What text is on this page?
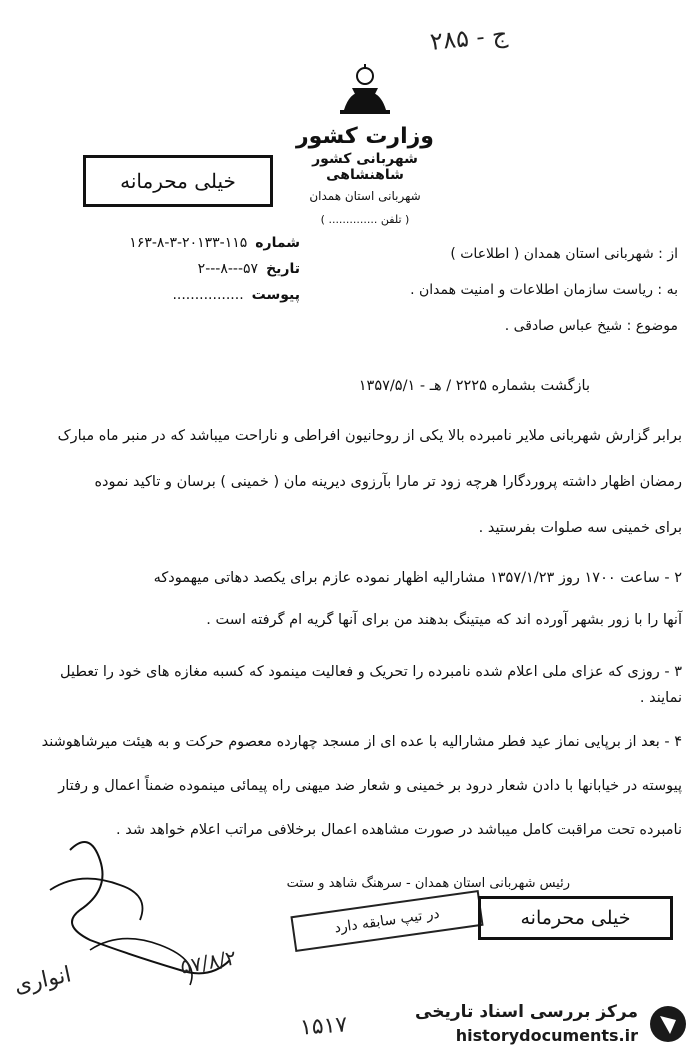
ج - ۲۸۵
وزارت کشور
شهربانی کشور شاهنشاهی
شهربانی استان همدان
( تلفن .............. )
خیلی محرمانه
شماره
۱۶۳-۸-۳-۲۰۱۳۳-۱۱۵
تاریخ
۵۷---۸---۲
پیوست
................
از : شهربانی استان همدان ( اطلاعات )
به : ریاست سازمان اطلاعات و امنیت همدان .
موضوع : شیخ عباس صادقی .
بازگشت بشماره ۲۲۲۵ / هـ - ۱۳۵۷/۵/۱
برابر گزارش شهربانی ملایر نامبرده بالا یکی از روحانیون افراطی و ناراحت میباشد که در منبر ماه مبارک
رمضان اظهار داشته پروردگارا هرچه زود تر مارا بآرزوی دیرینه مان ( خمینی ) برسان و تاکید نموده
برای خمینی سه صلوات بفرستید .
۲ - ساعت ۱۷۰۰ روز ۱۳۵۷/۱/۲۳ مشارالیه اظهار نموده عازم برای یکصد دهاتی میهمودکه
آنها را با زور بشهر آورده اند که میتینگ بدهند من برای آنها گریه ام گرفته است .
۳ - روزی که عزای ملی اعلام شده نامبرده را تحریک و فعالیت مینمود که کسبه مغازه های خود را تعطیل
نمایند .
۴ - بعد از برپایی نماز عید فطر مشارالیه با عده ای از مسجد چهارده معصوم حرکت و به هیئت میرشاهوشند
پیوسته در خیابانها با دادن شعار درود بر خمینی و شعار ضد میهنی راه پیمائی مینموده ضمناً اعمال و رفتار
نامبرده تحت مراقبت کامل میباشد در صورت مشاهده اعمال برخلافی مراتب اعلام خواهد شد .
رئیس شهربانی استان همدان - سرهنگ شاهد و ستت
در تیپ سابقه دارد	خیلی محرمانه
انواری
۵۷/۸/۲
۱۵۱۷
مرکز بررسی اسناد تاریخی
historydocuments.ir
